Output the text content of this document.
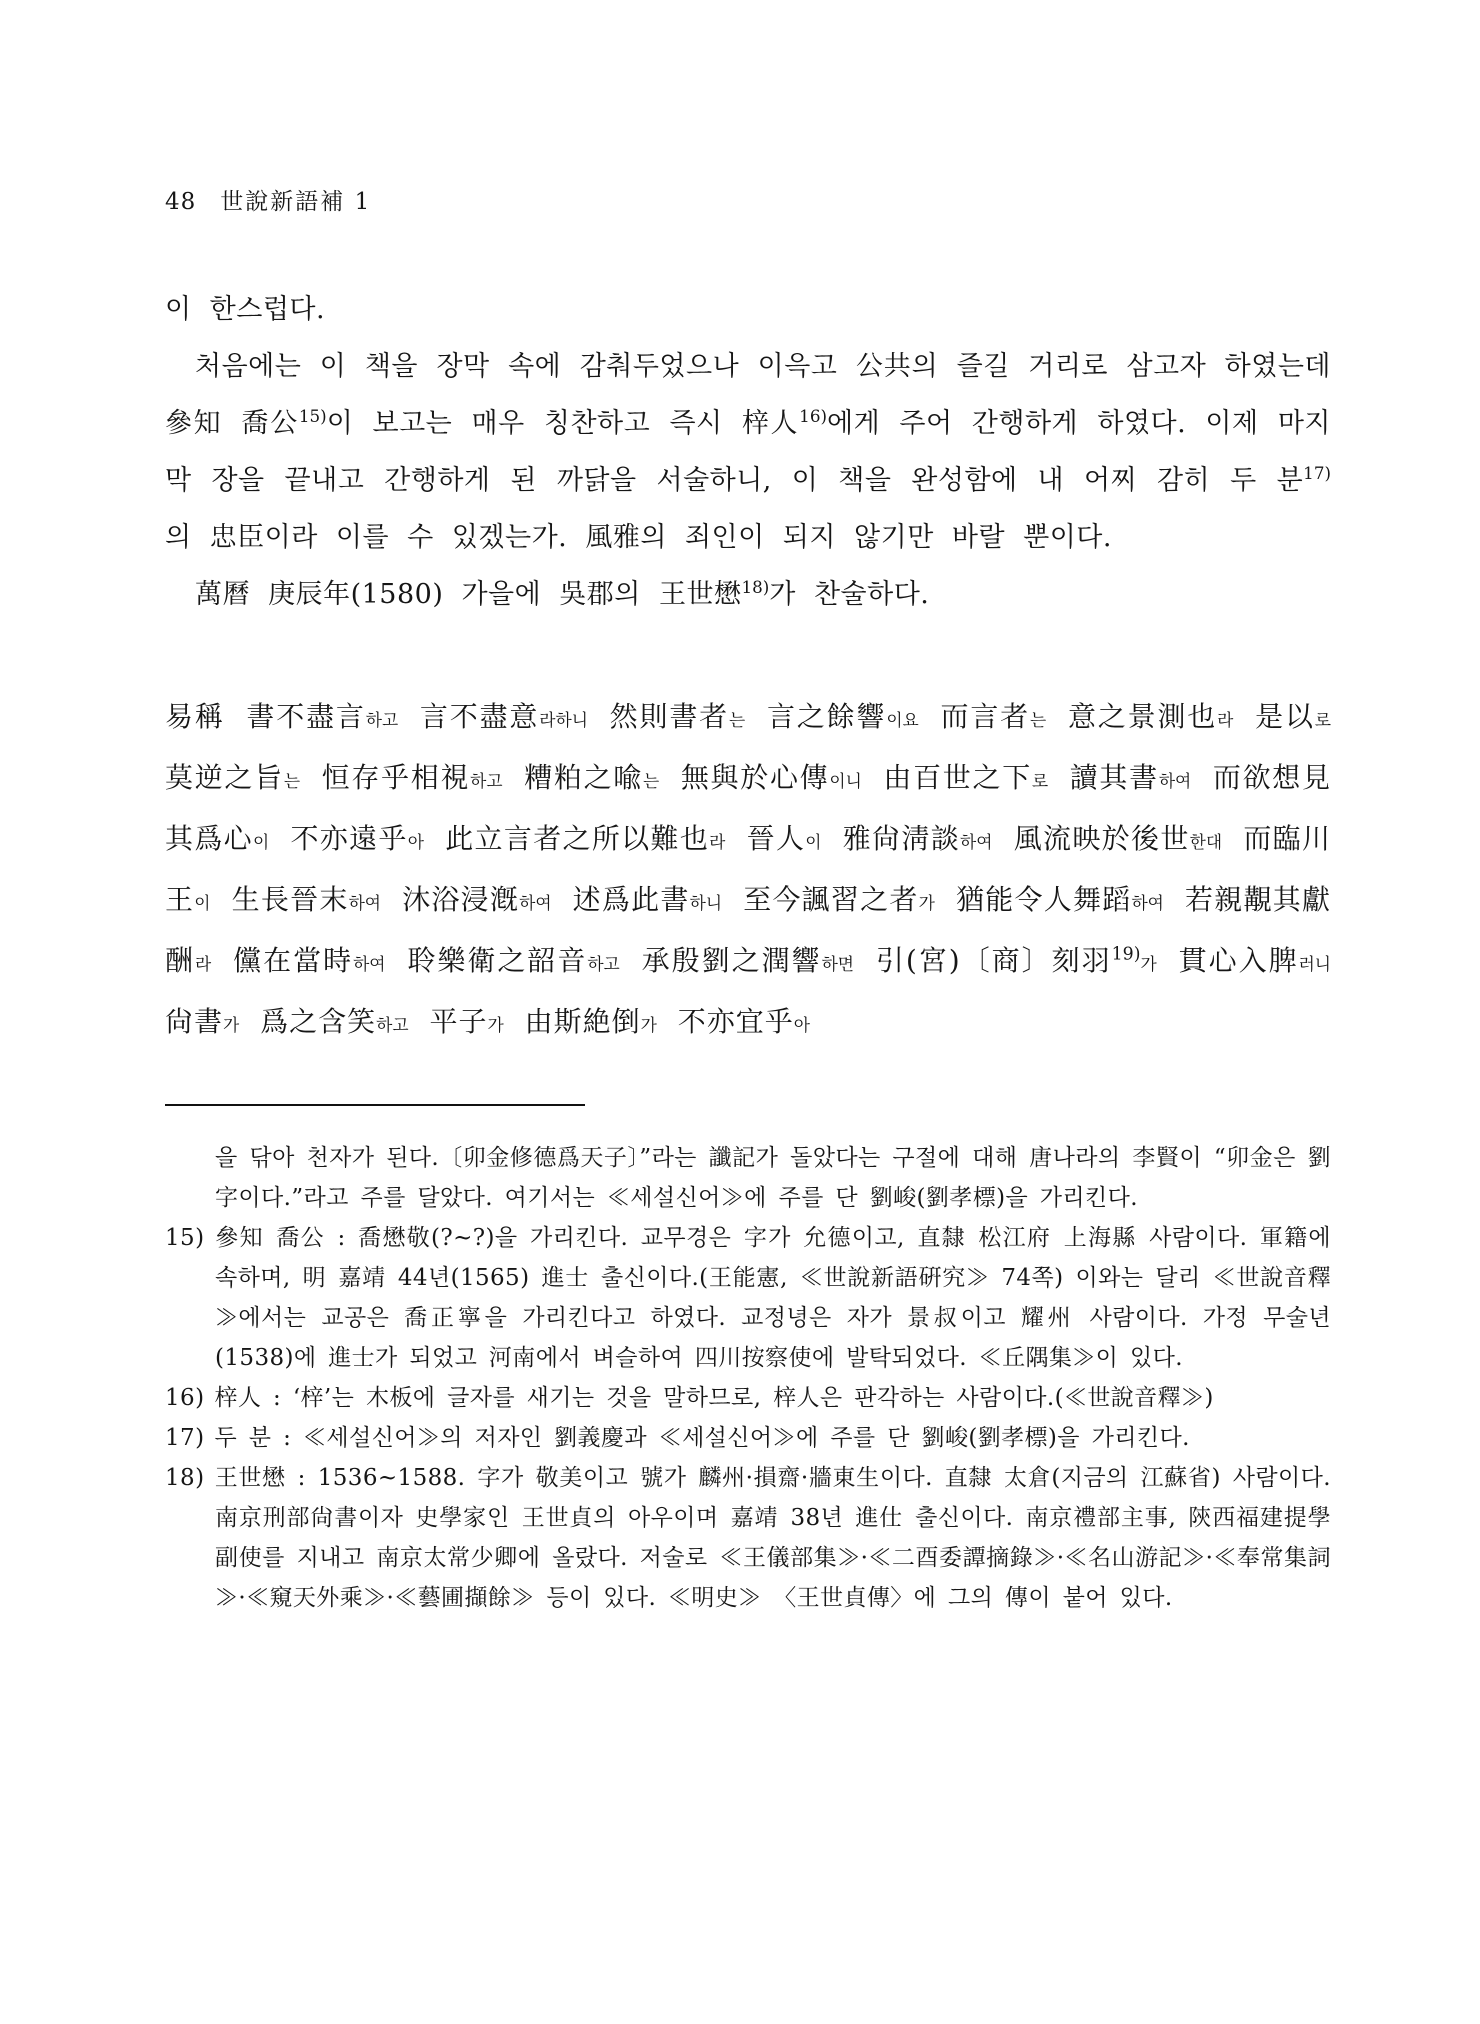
48 世說新語補 1

이 한스럽다.

처음에는 이 책을 장막 속에 감춰두었으나 이윽고 公共의 즐길 거리로 삼고자 하였는데 參知 喬公$^{15)}$이 보고는 매우 칭찬하고 즉시 梓人$^{16)}$에게 주어 간행하게 하였다. 이제 마지막 장을 끝내고 간행하게 된 까닭을 서술하니, 이 책을 완성함에 내 어찌 감히 두 분$^{17)}$의 忠臣이라 이를 수 있겠는가. 風雅의 죄인이 되지 않기만 바랄 뿐이다.

萬曆 庚辰年(1580) 가을에 吳郡의 王世懋$^{18)}$가 찬술하다.

易稱 書不盡言하고 言不盡意라하니 然則書者는 言之餘響이요 而言者는 意之景測也라 是以로 莫逆之旨는 恒存乎相視하고 糟粕之喩는 無與於心傳이니 由百世之下로 讀其書하여 而欲想見其爲心이 不亦遠乎아 此立言者之所以難也라 晉人이 雅尙淸談하여 風流映於後世한대 而臨川王이 生長晉末하여 沐浴浸漑하여 述爲此書하니 至今諷習之者가 猶能令人舞蹈하여 若親覯其獻酬라 儻在當時하여 聆樂衛之韶音하고 承殷劉之潤響하면 引(宮)〔商〕刻羽$^{19)}$가 貫心入脾러니 尙書가 爲之含笑하고 平子가 由斯絶倒가 不亦宜乎아
을 닦아 천자가 된다.〔卯金修德爲天子〕”라는 讖記가 돌았다는 구절에 대해 唐나라의 李賢이 “卯金은 劉字이다.”라고 주를 달았다. 여기서는 ≪세설신어≫에 주를 단 劉峻(劉孝標)을 가리킨다.
15) 參知 喬公 : 喬懋敬(?~?)을 가리킨다. 교무경은 字가 允德이고, 直隸 松江府 上海縣 사람이다. 軍籍에 속하며, 明 嘉靖 44년(1565) 進士 출신이다.(王能憲, ≪世說新語硏究≫ 74쪽) 이와는 달리 ≪世說音釋≫에서는 교공은 喬正寧을 가리킨다고 하였다. 교정녕은 자가 景叔이고 耀州 사람이다. 가정 무술년(1538)에 進士가 되었고 河南에서 벼슬하여 四川按察使에 발탁되었다. ≪丘隅集≫이 있다.
16) 梓人 : ‘梓’는 木板에 글자를 새기는 것을 말하므로, 梓人은 판각하는 사람이다.(≪世說音釋≫)
17) 두 분 : ≪세설신어≫의 저자인 劉義慶과 ≪세설신어≫에 주를 단 劉峻(劉孝標)을 가리킨다.
18) 王世懋 : 1536~1588. 字가 敬美이고 號가 麟州·損齋·牆東生이다. 直隸 太倉(지금의 江蘇省) 사람이다. 南京刑部尙書이자 史學家인 王世貞의 아우이며 嘉靖 38년 進仕 출신이다. 南京禮部主事, 陝西福建提學副使를 지내고 南京太常少卿에 올랐다. 저술로 ≪王儀部集≫·≪二酉委譚摘錄≫·≪名山游記≫·≪奉常集詞≫·≪窺天外乘≫·≪藝圃擷餘≫ 등이 있다. ≪明史≫ 〈王世貞傳〉에 그의 傳이 붙어 있다.
